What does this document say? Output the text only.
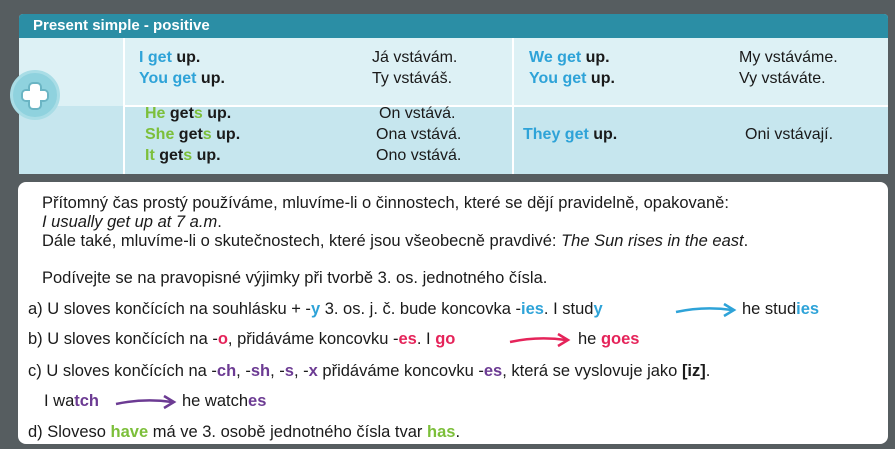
Present simple - positive
I get up.	Já vstávám.
You get up.	Ty vstáváš.
We get up.	My vstáváme.
You get up.	Vy vstáváte.
He gets up.	On vstává.
She gets up.	Ona vstává.
It gets up.	Ono vstává.
They get up.	Oni vstávají.
Přítomný čas prostý používáme, mluvíme-li o činnostech, které se dějí pravidelně, opakovaně:
I usually get up at 7 a.m.
Dále také, mluvíme-li o skutečnostech, které jsou všeobecně pravdivé: The Sun rises in the east.
Podívejte se na pravopisné výjimky při tvorbě 3. os. jednotného čísla.
a) U sloves končících na souhlásku + -y 3. os. j. č. bude koncovka -ies. I study	he studies
b) U sloves končících na -o, přidáváme koncovku -es. I go	he goes
c) U sloves končících na -ch, -sh, -s, -x přidáváme koncovku -es, která se vyslovuje jako [iz].
I watch	he watches
d) Sloveso have má ve 3. osobě jednotného čísla tvar has.
